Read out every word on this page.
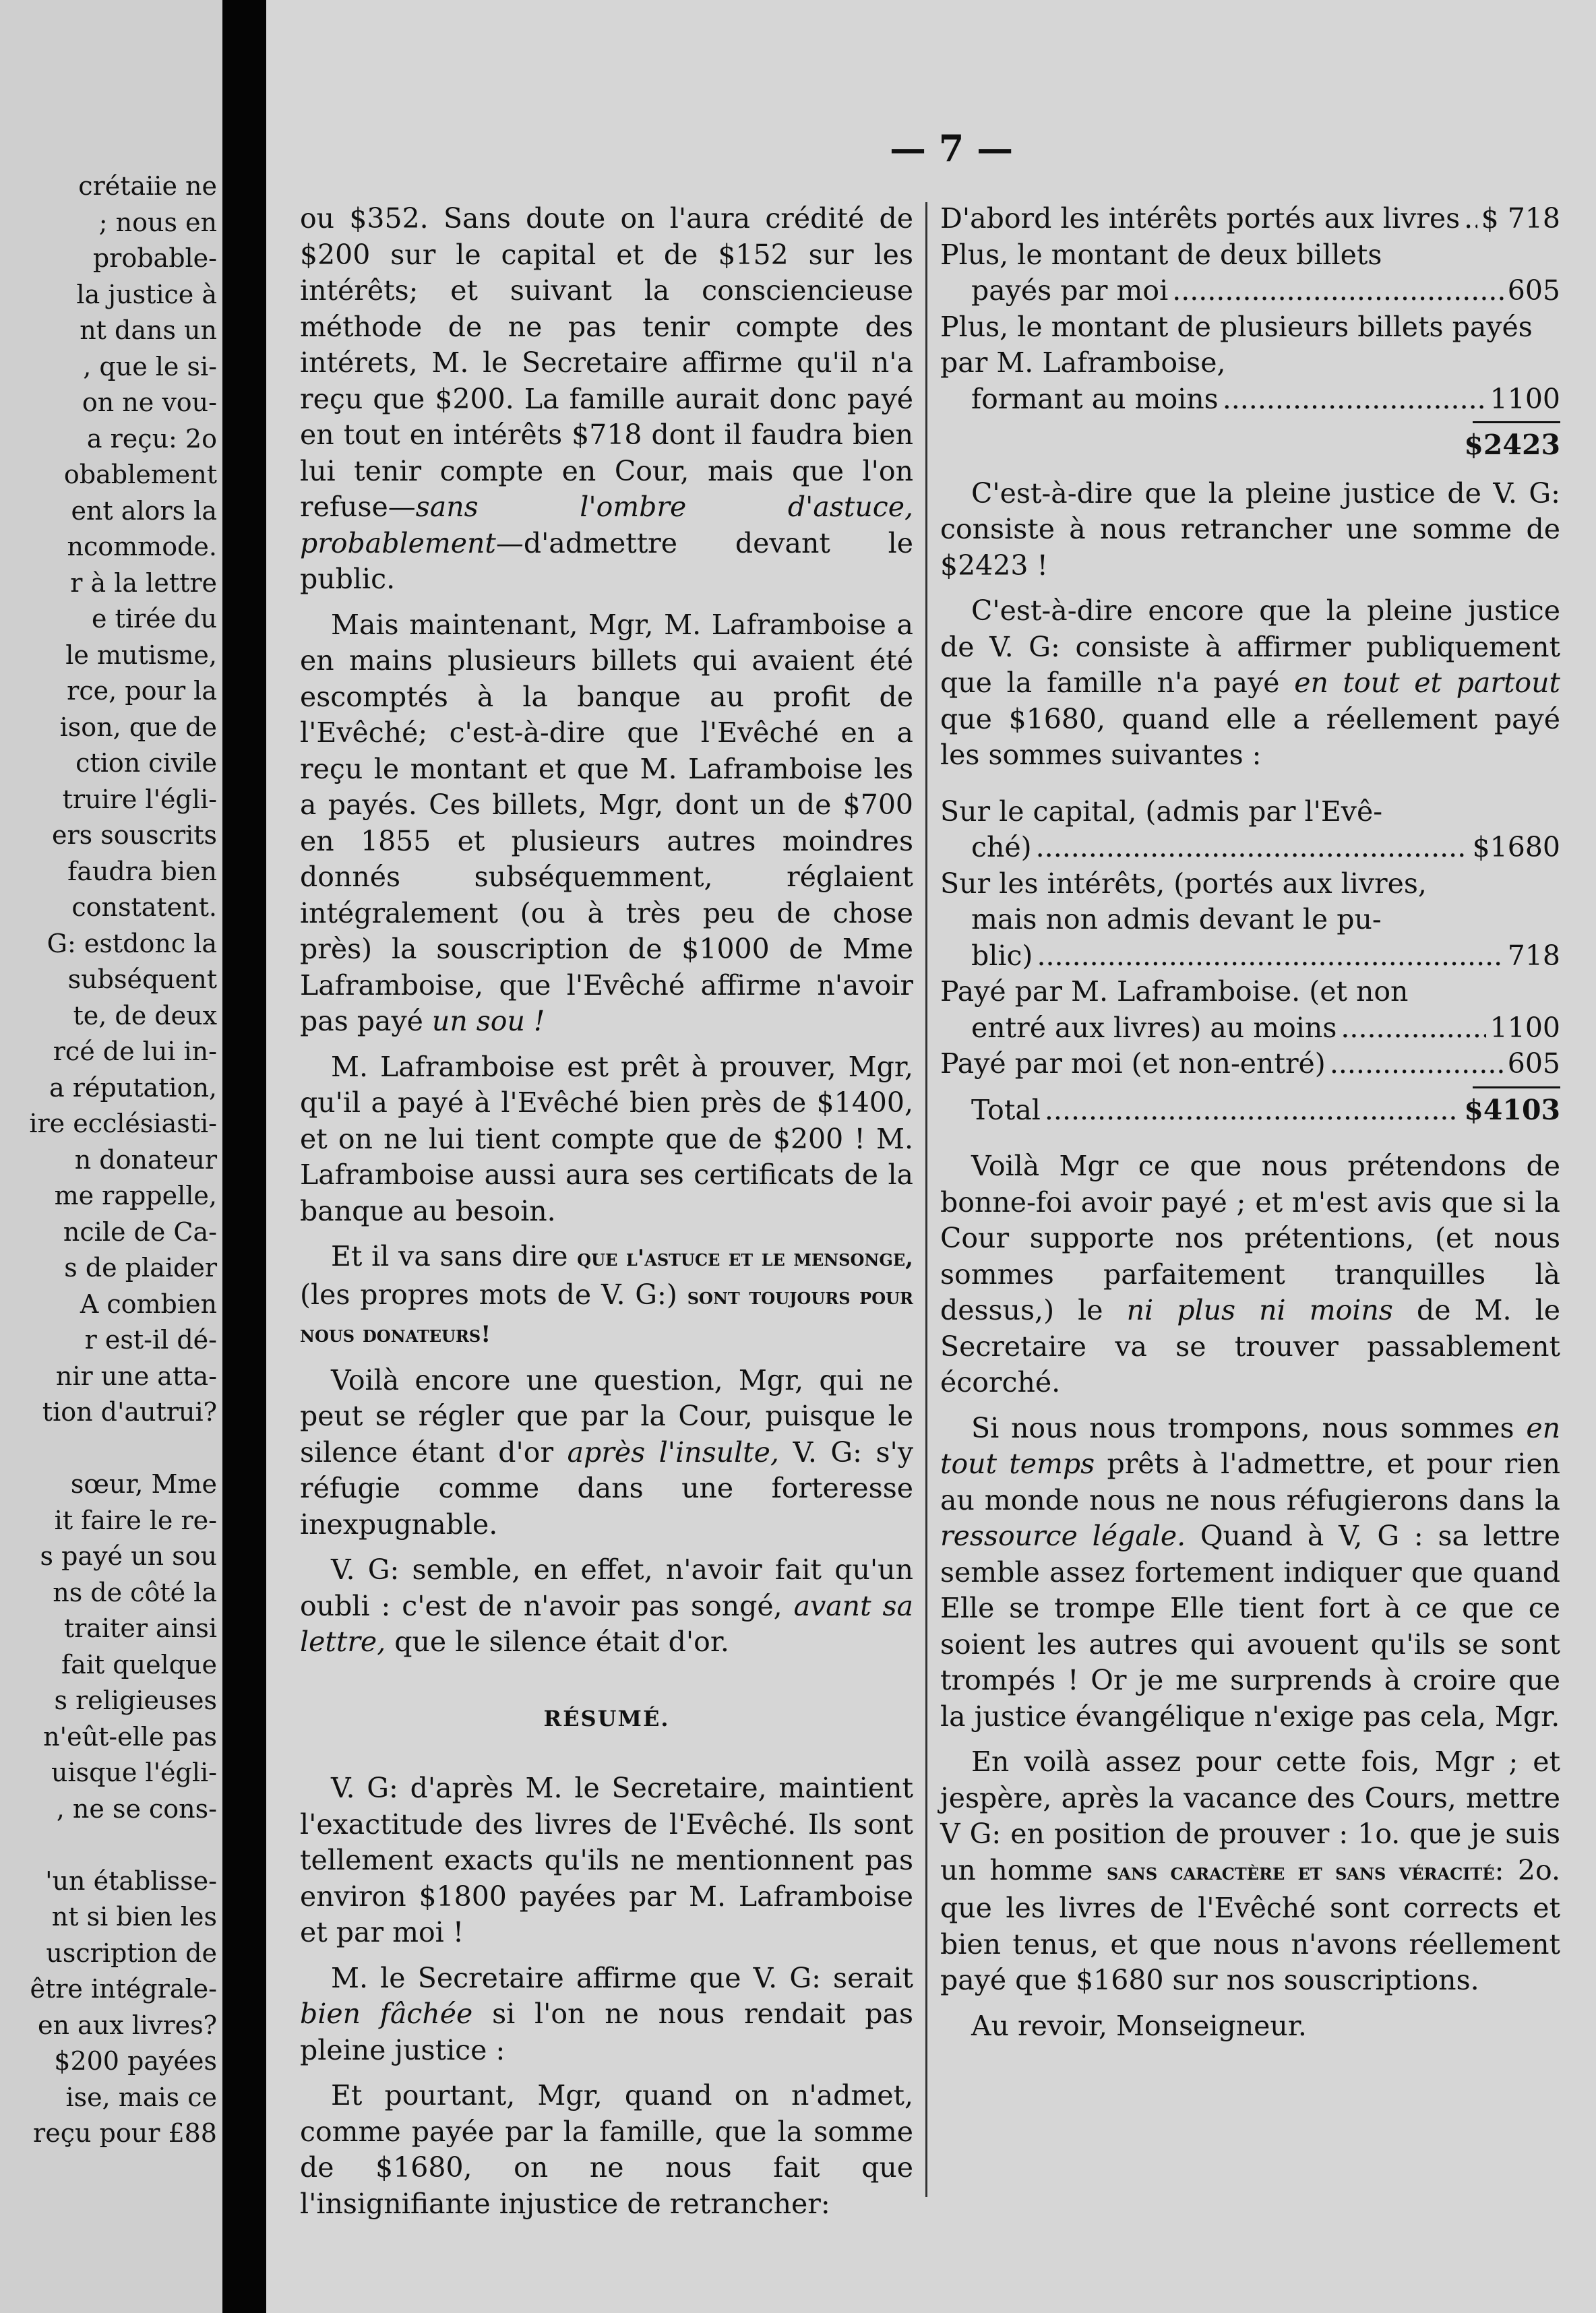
crétaiie ne
; nous en
probable-
la justice à
nt dans un
, que le si-
on ne vou-
a reçu: 2o
obablement
ent alors la
ncommode.
r à la lettre
e tirée du
le mutisme,
rce, pour la
ison, que de
ction civile
truire l'égli-
ers souscrits
faudra bien
constatent.
G: estdonc la
subséquent
te, de deux
rcé de lui in-
a réputation,
ire ecclésiasti-
n donateur
me rappelle,
ncile de Ca-
s de plaider
A combien
r est-il dé-
nir une atta-
tion d'autrui?
sœur, Mme
it faire le re-
s payé un sou
ns de côté la
traiter ainsi
fait quelque
s religieuses
n'eût-elle pas
uisque l'égli-
, ne se cons-
'un établisse-
nt si bien les
uscription de
être intégrale-
en aux livres?
$200 payées
ise, mais ce
reçu pour £88
— 7 —

ou $352. Sans doute on l'aura crédité de $200 sur le capital et de $152 sur les intérêts; et suivant la consciencieuse méthode de ne pas tenir compte des intérets, M. le Secretaire affirme qu'il n'a reçu que $200. La famille aurait donc payé en tout en intérêts $718 dont il faudra bien lui tenir compte en Cour, mais que l'on refuse—sans l'ombre d'astuce, probablement—d'admettre devant le public.

Mais maintenant, Mgr, M. Laframboise a en mains plusieurs billets qui avaient été escomptés à la banque au profit de l'Evêché; c'est-à-dire que l'Evêché en a reçu le montant et que M. Laframboise les a payés. Ces billets, Mgr, dont un de $700 en 1855 et plusieurs autres moindres donnés subséquemment, réglaient intégralement (ou à très peu de chose près) la souscription de $1000 de Mme Laframboise, que l'Evêché affirme n'avoir pas payé un sou !

M. Laframboise est prêt à prouver, Mgr, qu'il a payé à l'Evêché bien près de $1400, et on ne lui tient compte que de $200 ! M. Laframboise aussi aura ses certificats de la banque au besoin.

Et il va sans dire que l'astuce et le mensonge, (les propres mots de V. G:) sont toujours pour nous donateurs!

Voilà encore une question, Mgr, qui ne peut se régler que par la Cour, puisque le silence étant d'or après l'insulte, V. G: s'y réfugie comme dans une forteresse inexpugnable.

V. G: semble, en effet, n'avoir fait qu'un oubli : c'est de n'avoir pas songé, avant sa lettre, que le silence était d'or.

RÉSUMÉ.

V. G: d'après M. le Secretaire, maintient l'exactitude des livres de l'Evêché. Ils sont tellement exacts qu'ils ne mentionnent pas environ $1800 payées par M. Laframboise et par moi !

M. le Secretaire affirme que V. G: serait bien fâchée si l'on ne nous rendait pas pleine justice :

Et pourtant, Mgr, quand on n'admet, comme payée par la famille, que la somme de $1680, on ne nous fait que l'insignifiante injustice de retrancher:

D'abord les intérêts portés aux livres ..... $ 718
Plus, le montant de deux billets
payés par moi .....	605
Plus, le montant de plusieurs billets payés par M. Laframboise,
formant au moins .....	1100
$2423

C'est-à-dire que la pleine justice de V. G: consiste à nous retrancher une somme de $2423 !

C'est-à-dire encore que la pleine justice de V. G: consiste à affirmer publiquement que la famille n'a payé en tout et partout que $1680, quand elle a réellement payé les sommes suivantes :

Sur le capital, (admis par l'Evê-
ché) .....	$1680
Sur les intérêts, (portés aux livres,
mais non admis devant le pu-
blic) .....	718
Payé par M. Laframboise. (et non
entré aux livres) au moins .....	1100
Payé par moi (et non-entré) .....	605
Total .....	$4103

Voilà Mgr ce que nous prétendons de bonne-foi avoir payé ; et m'est avis que si la Cour supporte nos prétentions, (et nous sommes parfaitement tranquilles là dessus,) le ni plus ni moins de M. le Secretaire va se trouver passablement écorché.

Si nous nous trompons, nous sommes en tout temps prêts à l'admettre, et pour rien au monde nous ne nous réfugierons dans la ressource légale. Quand à V, G : sa lettre semble assez fortement indiquer que quand Elle se trompe Elle tient fort à ce que ce soient les autres qui avouent qu'ils se sont trompés ! Or je me surprends à croire que la justice évangélique n'exige pas cela, Mgr.

En voilà assez pour cette fois, Mgr ; et jespère, après la vacance des Cours, mettre V G: en position de prouver : 1o. que je suis un homme sans caractère et sans véracité: 2o. que les livres de l'Evêché sont corrects et bien tenus, et que nous n'avons réellement payé que $1680 sur nos souscriptions.

Au revoir, Monseigneur.
